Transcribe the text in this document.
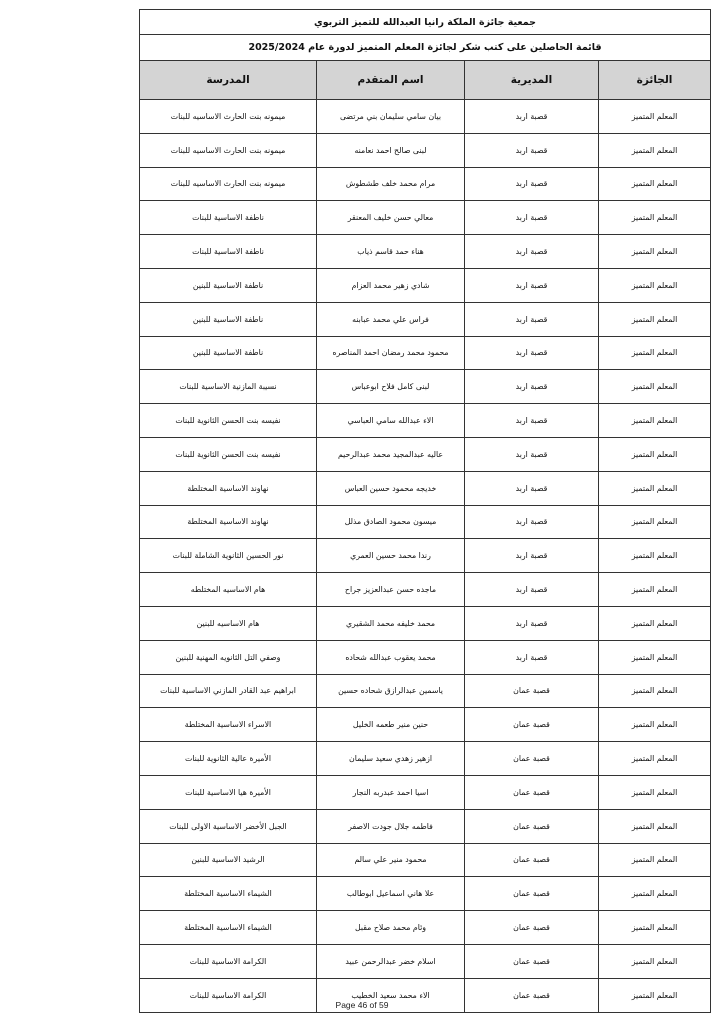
جمعية جائزة الملكة رانيا العبدالله للتميز التربوي
قائمة الحاصلين على كتب شكر لجائزة المعلم المتميز لدورة عام 2025/2024
الجائزة
المديرية
اسم المتقدم
المدرسة
المعلم المتميز
قصبة اربد
بيان سامي سليمان بني مرتضى
ميمونه بنت الحارث الاساسيه للبنات
المعلم المتميز
قصبة اربد
لبنى صالح احمد نعامنه
ميمونه بنت الحارث الاساسيه للبنات
المعلم المتميز
قصبة اربد
مرام محمد خلف طشطوش
ميمونه بنت الحارث الاساسيه للبنات
المعلم المتميز
قصبة اربد
معالي حسن خليف المعنقر
ناطفة الاساسية للبنات
المعلم المتميز
قصبة اربد
هناء حمد قاسم ذياب
ناطفة الاساسية للبنات
المعلم المتميز
قصبة اربد
شادي زهير محمد العزام
ناطفة الاساسية للبنين
المعلم المتميز
قصبة اربد
فراس علي محمد عبابنه
ناطفة الاساسية للبنين
المعلم المتميز
قصبة اربد
محمود محمد رمضان احمد المناصره
ناطفة الاساسية للبنين
المعلم المتميز
قصبة اربد
لبنى كامل فلاح ابوعباس
نسيبة المازنية الاساسية للبنات
المعلم المتميز
قصبة اربد
الاء عبدالله سامي العباسي
نفيسه بنت الحسن الثانوية للبنات
المعلم المتميز
قصبة اربد
عاليه عبدالمجيد محمد عبدالرحيم
نفيسه بنت الحسن الثانوية للبنات
المعلم المتميز
قصبة اربد
خديجه محمود حسين العباس
نهاوند الاساسية المختلطة
المعلم المتميز
قصبة اربد
ميسون محمود الصادق مذلل
نهاوند الاساسية المختلطة
المعلم المتميز
قصبة اربد
رندا محمد حسين العمري
نور الحسين الثانوية الشاملة للبنات
المعلم المتميز
قصبة اربد
ماجده حسن عبدالعزيز جراح
هام الاساسيه المختلطه
المعلم المتميز
قصبة اربد
محمد خليفه محمد الشقيري
هام الاساسيه للبنين
المعلم المتميز
قصبة اربد
محمد يعقوب عبدالله شحاده
وصفي التل الثانويه المهنية للبنين
المعلم المتميز
قصبة عمان
ياسمين عبدالرازق شحاده حسين
ابراهيم عبد القادر المازني الاساسية للبنات
المعلم المتميز
قصبة عمان
حنين منير طعمه الخليل
الاسراء الاساسية المختلطة
المعلم المتميز
قصبة عمان
ازهير زهدي سعيد سليمان
الأميرة عالية الثانوية للبنات
المعلم المتميز
قصبة عمان
اسيا احمد عبدربه النجار
الأميرة هيا الاساسية للبنات
المعلم المتميز
قصبة عمان
فاطمه جلال جودت الاصفر
الجبل الأخضر الاساسية الاولى للبنات
المعلم المتميز
قصبة عمان
محمود منير علي سالم
الرشيد الاساسية للبنين
المعلم المتميز
قصبة عمان
علا هاني اسماعيل ابوطالب
الشيماء الاساسية المختلطة
المعلم المتميز
قصبة عمان
وئام محمد صلاح مقبل
الشيماء الاساسية المختلطة
المعلم المتميز
قصبة عمان
اسلام خضر عبدالرحمن عبيد
الكرامة الاساسية للبنات
المعلم المتميز
قصبة عمان
الاء محمد سعيد الخطيب
الكرامة الاساسية للبنات
Page 46 of 59
